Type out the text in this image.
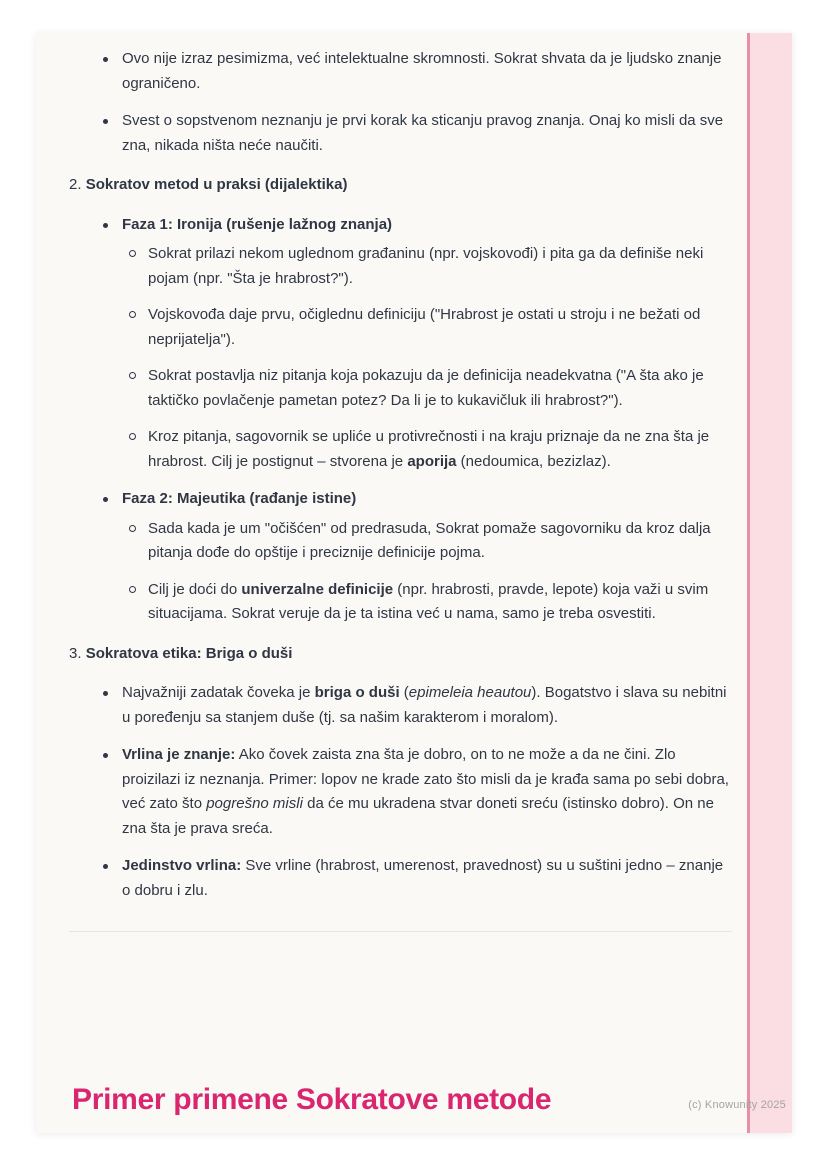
Ovo nije izraz pesimizma, već intelektualne skromnosti. Sokrat shvata da je ljudsko znanje ograničeno.
Svest o sopstvenom neznanju je prvi korak ka sticanju pravog znanja. Onaj ko misli da sve zna, nikada ništa neće naučiti.
2. Sokratov metod u praksi (dijalektika)
Faza 1: Ironija (rušenje lažnog znanja)
Sokrat prilazi nekom uglednom građaninu (npr. vojskovođi) i pita ga da definiše neki pojam (npr. "Šta je hrabrost?").
Vojskovođa daje prvu, očiglednu definiciju ("Hrabrost je ostati u stroju i ne bežati od neprijatelja").
Sokrat postavlja niz pitanja koja pokazuju da je definicija neadekvatna ("A šta ako je taktičko povlačenje pametan potez? Da li je to kukavičluk ili hrabrost?").
Kroz pitanja, sagovornik se upliće u protivrečnosti i na kraju priznaje da ne zna šta je hrabrost. Cilj je postignut – stvorena je aporija (nedoumica, bezizlaz).
Faza 2: Majeutika (rađanje istine)
Sada kada je um "očišćen" od predrasuda, Sokrat pomaže sagovorniku da kroz dalja pitanja dođe do opštije i preciznije definicije pojma.
Cilj je doći do univerzalne definicije (npr. hrabrosti, pravde, lepote) koja važi u svim situacijama. Sokrat veruje da je ta istina već u nama, samo je treba osvestiti.
3. Sokratova etika: Briga o duši
Najvažniji zadatak čoveka je briga o duši (epimeleia heautou). Bogatstvo i slava su nebitni u poređenju sa stanjem duše (tj. sa našim karakterom i moralom).
Vrlina je znanje: Ako čovek zaista zna šta je dobro, on to ne može a da ne čini. Zlo proizilazi iz neznanja. Primer: lopov ne krade zato što misli da je krađa sama po sebi dobra, već zato što pogrešno misli da će mu ukradena stvar doneti sreću (istinsko dobro). On ne zna šta je prava sreća.
Jedinstvo vrlina: Sve vrline (hrabrost, umerenost, pravednost) su u suštini jedno – znanje o dobru i zlu.
Primer primene Sokratove metode	(c) Knowunity 2025
